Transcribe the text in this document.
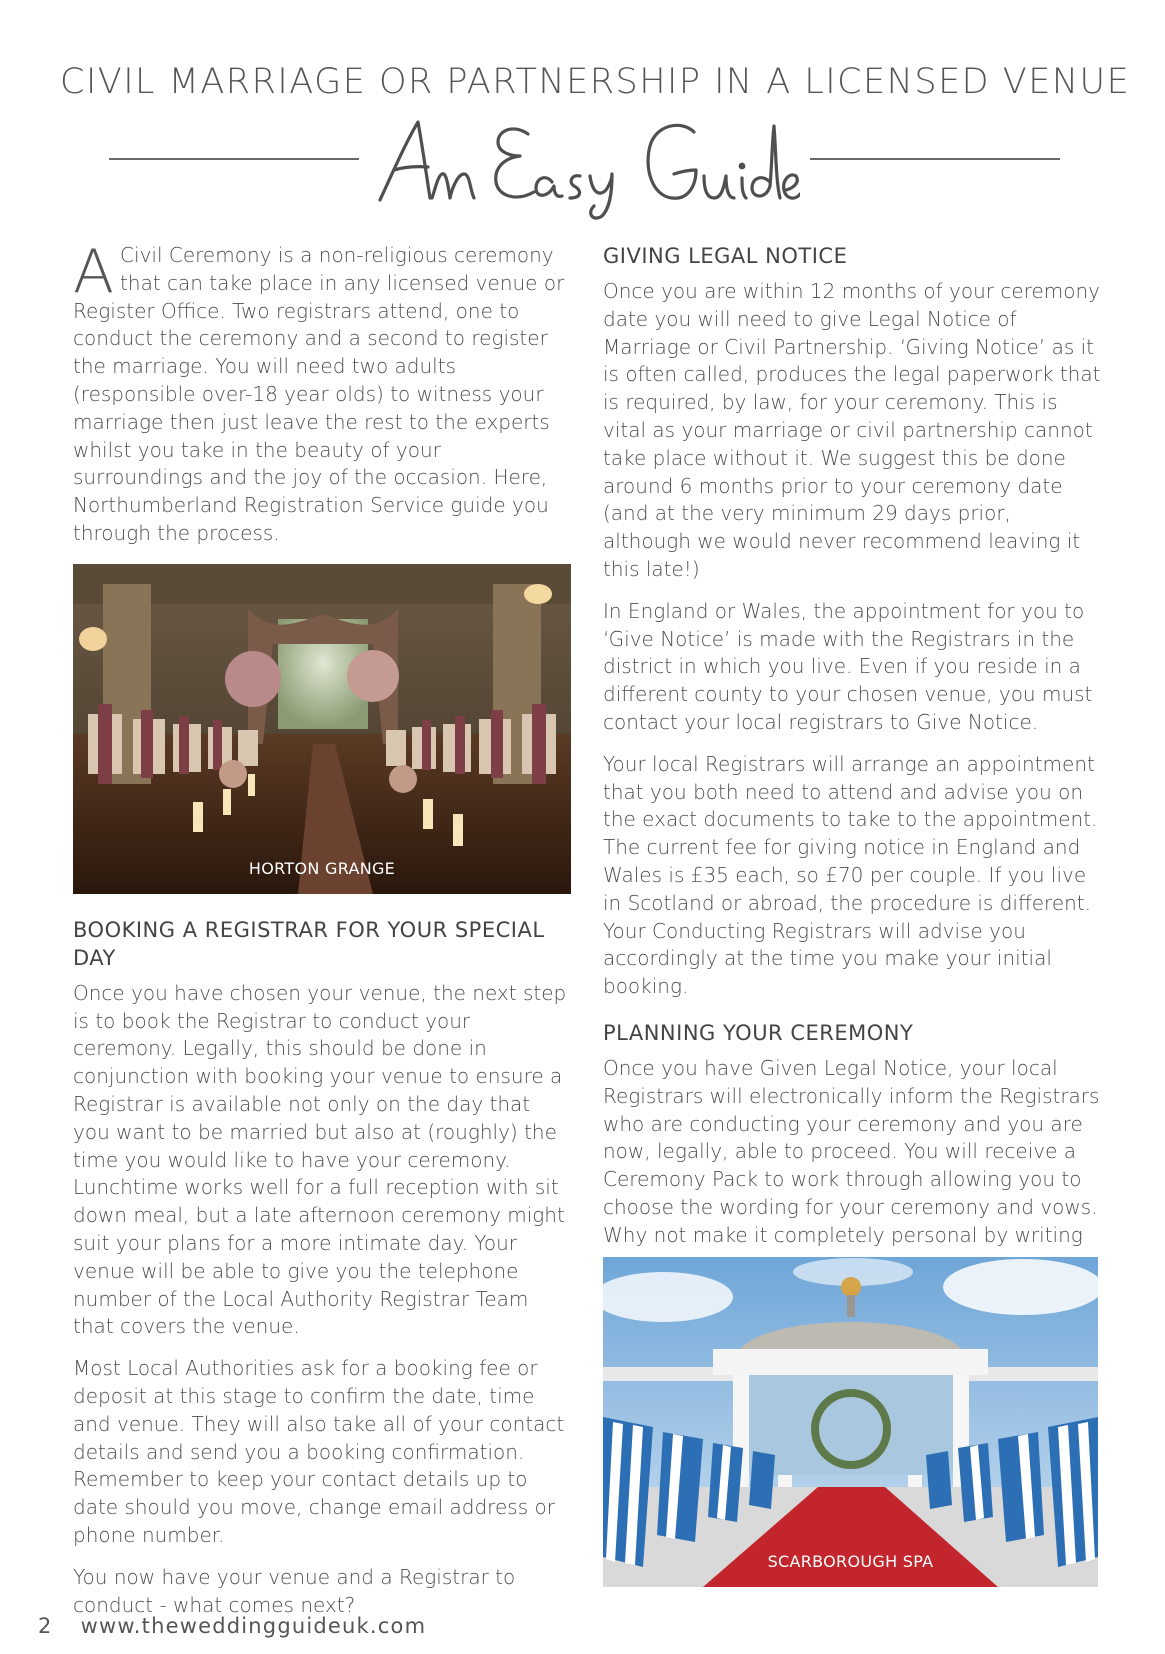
CIVIL MARRIAGE OR PARTNERSHIP IN A LICENSED VENUE

A Civil Ceremony is a non-religious ceremony that can take place in any licensed venue or Register Office. Two registrars attend, one to conduct the ceremony and a second to register the marriage. You will need two adults (responsible over-18 year olds) to witness your marriage then just leave the rest to the experts whilst you take in the beauty of your surroundings and the joy of the occasion. Here, Northumberland Registration Service guide you through the process.

HORTON GRANGE
BOOKING A REGISTRAR FOR YOUR SPECIAL DAY

Once you have chosen your venue, the next step is to book the Registrar to conduct your ceremony. Legally, this should be done in conjunction with booking your venue to ensure a Registrar is available not only on the day that you want to be married but also at (roughly) the time you would like to have your ceremony. Lunchtime works well for a full reception with sit down meal, but a late afternoon ceremony might suit your plans for a more intimate day. Your venue will be able to give you the telephone number of the Local Authority Registrar Team that covers the venue.

Most Local Authorities ask for a booking fee or deposit at this stage to confirm the date, time and venue. They will also take all of your contact details and send you a booking confirmation. Remember to keep your contact details up to date should you move, change email address or phone number.

You now have your venue and a Registrar to conduct - what comes next?

GIVING LEGAL NOTICE

Once you are within 12 months of your ceremony date you will need to give Legal Notice of Marriage or Civil Partnership. ‘Giving Notice’ as it is often called, produces the legal paperwork that is required, by law, for your ceremony. This is vital as your marriage or civil partnership cannot take place without it. We suggest this be done around 6 months prior to your ceremony date (and at the very minimum 29 days prior, although we would never recommend leaving it this late!)

In England or Wales, the appointment for you to ‘Give Notice’ is made with the Registrars in the district in which you live. Even if you reside in a different county to your chosen venue, you must contact your local registrars to Give Notice.

Your local Registrars will arrange an appointment that you both need to attend and advise you on the exact documents to take to the appointment. The current fee for giving notice in England and Wales is £35 each, so £70 per couple. If you live in Scotland or abroad, the procedure is different. Your Conducting Registrars will advise you accordingly at the time you make your initial booking.

PLANNING YOUR CEREMONY

Once you have Given Legal Notice, your local Registrars will electronically inform the Registrars who are conducting your ceremony and you are now, legally, able to proceed. You will receive a Ceremony Pack to work through allowing you to choose the wording for your ceremony and vows. Why not make it completely personal by writing

SCARBOROUGH SPA
2 www.theweddingguideuk.com
